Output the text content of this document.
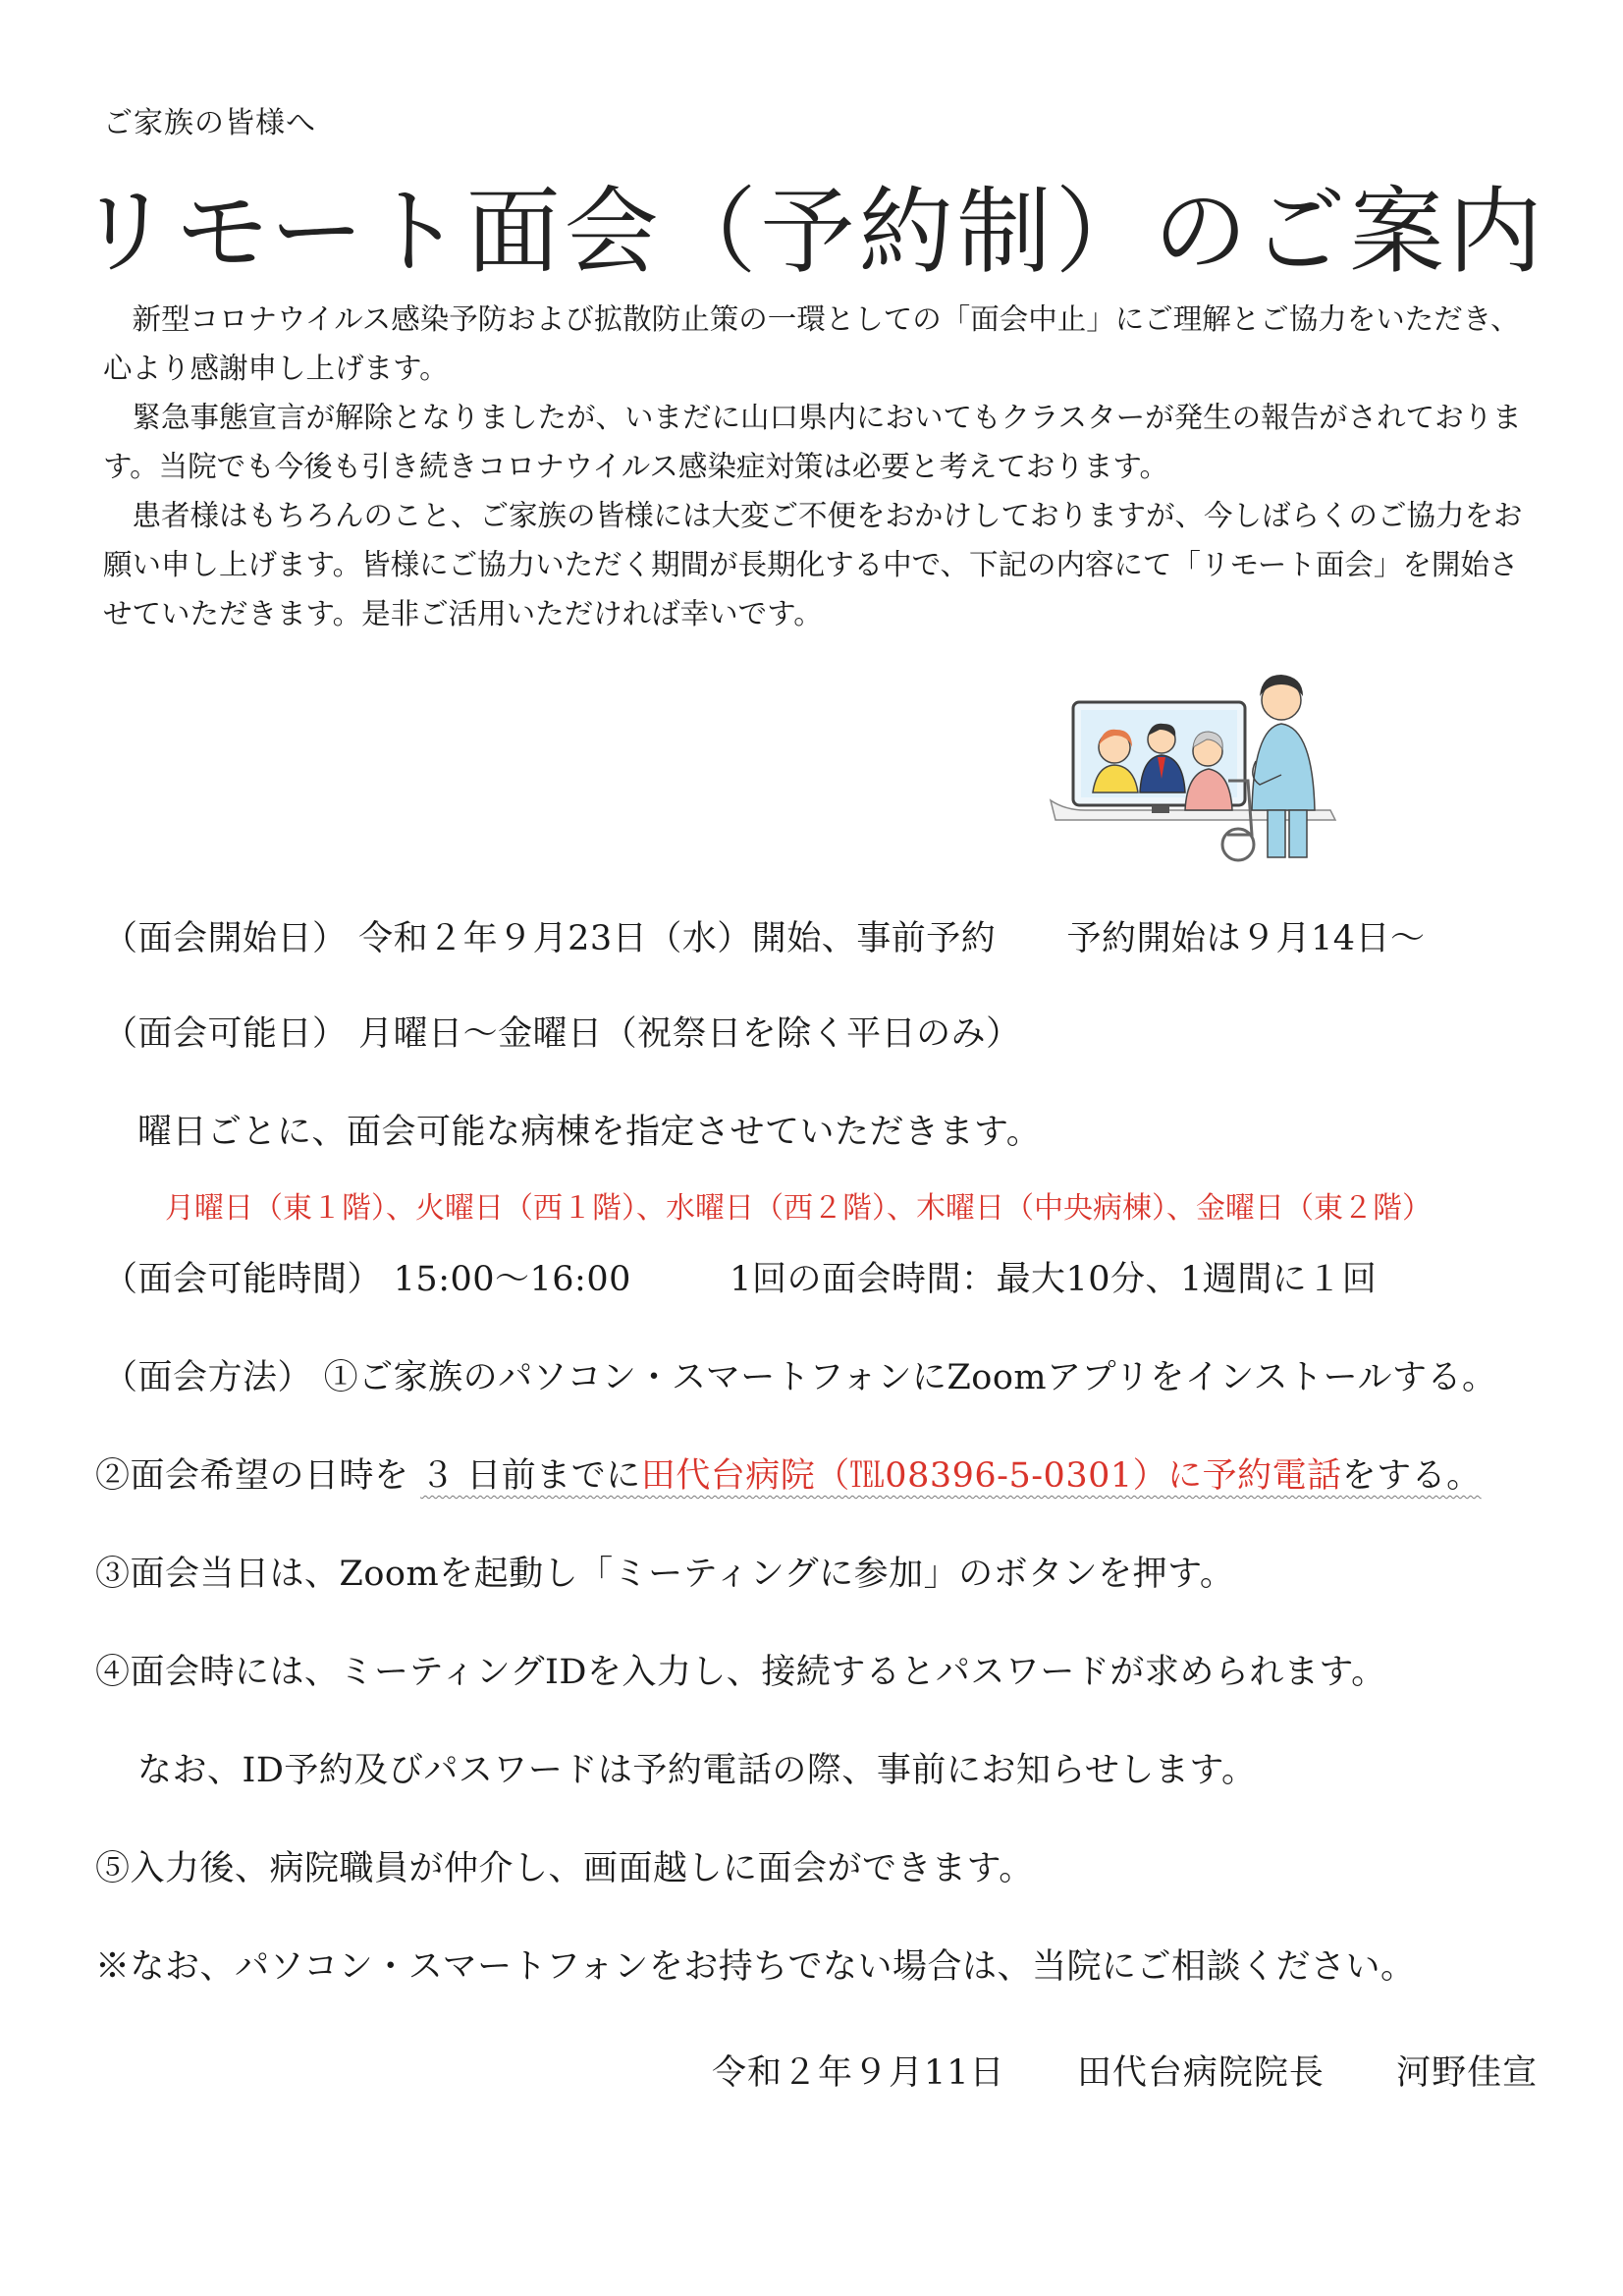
ご家族の皆様へ
リモート面会（予約制）のご案内

新型コロナウイルス感染予防および拡散防止策の一環としての「面会中止」にご理解とご協力をいただき、心より感謝申し上げます。

緊急事態宣言が解除となりましたが、いまだに山口県内においてもクラスターが発生の報告がされております。当院でも今後も引き続きコロナウイルス感染症対策は必要と考えております。

患者様はもちろんのこと、ご家族の皆様には大変ご不便をおかけしておりますが、今しばらくのご協力をお願い申し上げます。皆様にご協力いただく期間が長期化する中で、下記の内容にて「リモート面会」を開始させていただきます。是非ご活用いただければ幸いです。

（面会開始日） 令和２年９月23日（水）開始、事前予約 予約開始は９月14日～
（面会可能日） 月曜日～金曜日（祝祭日を除く平日のみ）
曜日ごとに、面会可能な病棟を指定させていただきます。
月曜日（東１階）、火曜日（西１階）、水曜日（西２階）、木曜日（中央病棟）、金曜日（東２階）
（面会可能時間） 15:00～16:00	1回の面会時間：最大10分、1週間に１回
（面会方法） ①ご家族のパソコン・スマートフォンにZoomアプリをインストールする。
②面会希望の日時を ３ 日前までに田代台病院（℡08396-5-0301）に予約電話をする。
③面会当日は、Zoomを起動し「ミーティングに参加」のボタンを押す。
④面会時には、ミーティングIDを入力し、接続するとパスワードが求められます。
なお、ID予約及びパスワードは予約電話の際、事前にお知らせします。
⑤入力後、病院職員が仲介し、画面越しに面会ができます。
※なお、パソコン・スマートフォンをお持ちでない場合は、当院にご相談ください。
令和２年９月11日 田代台病院院長 河野佳宣
